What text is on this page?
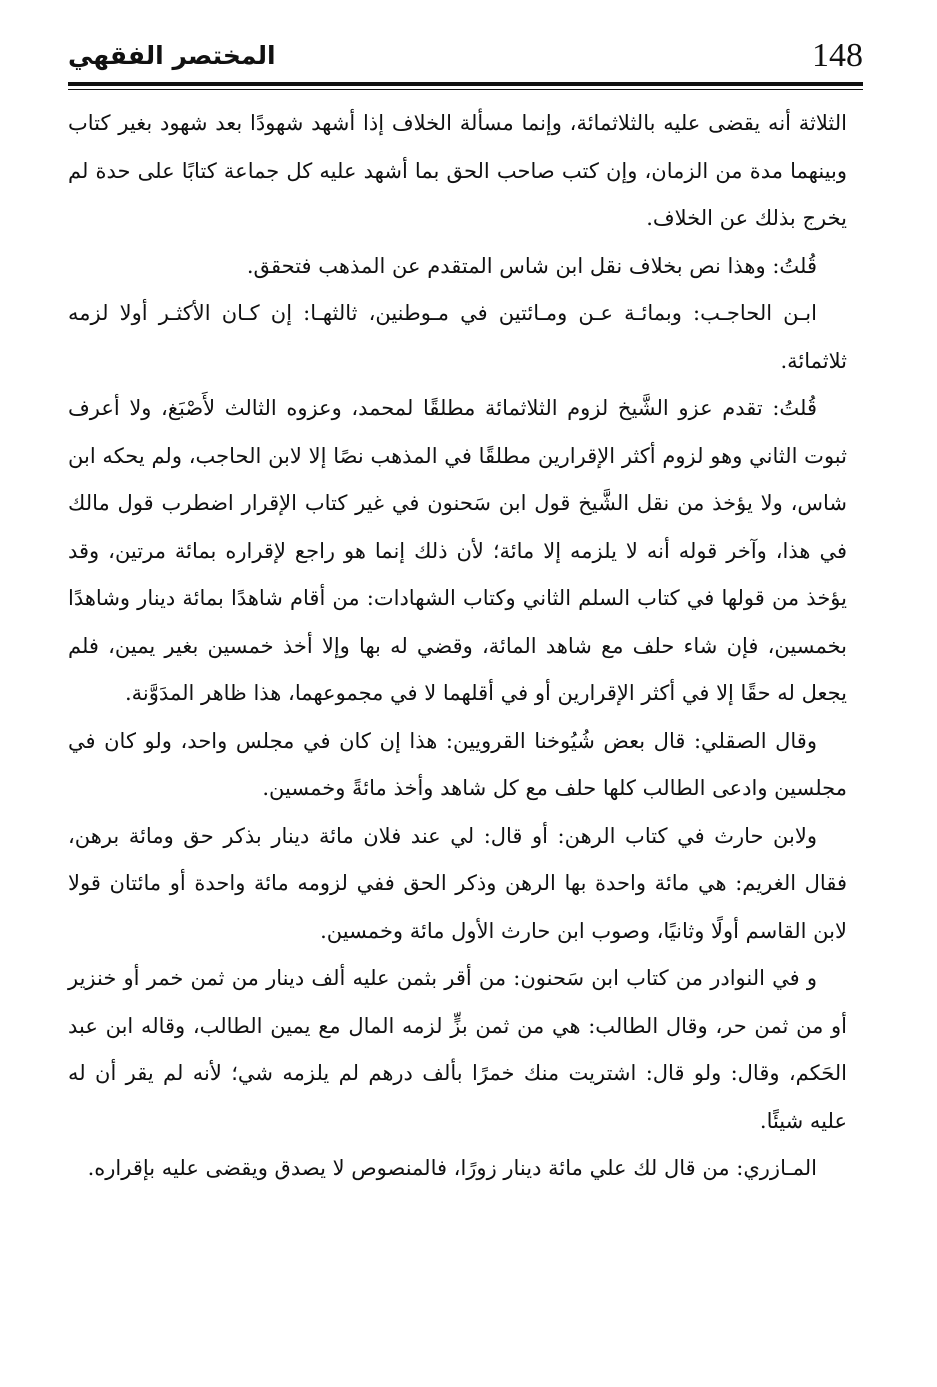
148
المختصر الفقهي

الثلاثة أنه يقضى عليه بالثلاثمائة، وإنما مسألة الخلاف إذا أشهد شهودًا بعد شهود بغير كتاب وبينهما مدة من الزمان، وإن كتب صاحب الحق بما أشهد عليه كل جماعة كتابًا على حدة لم يخرج بذلك عن الخلاف.

قُلتُ: وهذا نص بخلاف نقل ابن شاس المتقدم عن المذهب فتحقق.

ابـن الحاجـب: وبمائـة عـن ومـائتين في مـوطنين، ثالثهـا: إن كـان الأكثـر أولا لزمه ثلاثمائة.

قُلتُ: تقدم عزو الشَّيخ لزوم الثلاثمائة مطلقًا لمحمد، وعزوه الثالث لأَصْبَغ، ولا أعرف ثبوت الثاني وهو لزوم أكثر الإقرارين مطلقًا في المذهب نصًا إلا لابن الحاجب، ولم يحكه ابن شاس، ولا يؤخذ من نقل الشَّيخ قول ابن سَحنون في غير كتاب الإقرار اضطرب قول مالك في هذا، وآخر قوله أنه لا يلزمه إلا مائة؛ لأن ذلك إنما هو راجع لإقراره بمائة مرتين، وقد يؤخذ من قولها في كتاب السلم الثاني وكتاب الشهادات: من أقام شاهدًا بمائة دينار وشاهدًا بخمسين، فإن شاء حلف مع شاهد المائة، وقضي له بها وإلا أخذ خمسين بغير يمين، فلم يجعل له حقًا إلا في أكثر الإقرارين أو في أقلهما لا في مجموعهما، هذا ظاهر المدَوَّنة.

وقال الصقلي: قال بعض شُيُوخنا القرويين: هذا إن كان في مجلس واحد، ولو كان في مجلسين وادعى الطالب كلها حلف مع كل شاهد وأخذ مائةً وخمسين.

ولابن حارث في كتاب الرهن: أو قال: لي عند فلان مائة دينار بذكر حق ومائة برهن، فقال الغريم: هي مائة واحدة بها الرهن وذكر الحق ففي لزومه مائة واحدة أو مائتان قولا لابن القاسم أولًا وثانيًا، وصوب ابن حارث الأول مائة وخمسين.

و في النوادر من كتاب ابن سَحنون: من أقر بثمن عليه ألف دينار من ثمن خمر أو خنزير أو من ثمن حر، وقال الطالب: هي من ثمن بزٍّ لزمه المال مع يمين الطالب، وقاله ابن عبد الحَكم، وقال: ولو قال: اشتريت منك خمرًا بألف درهم لم يلزمه شي؛ لأنه لم يقر أن له عليه شيئًا.

المـازري: من قال لك علي مائة دينار زورًا، فالمنصوص لا يصدق ويقضى عليه بإقراره.
